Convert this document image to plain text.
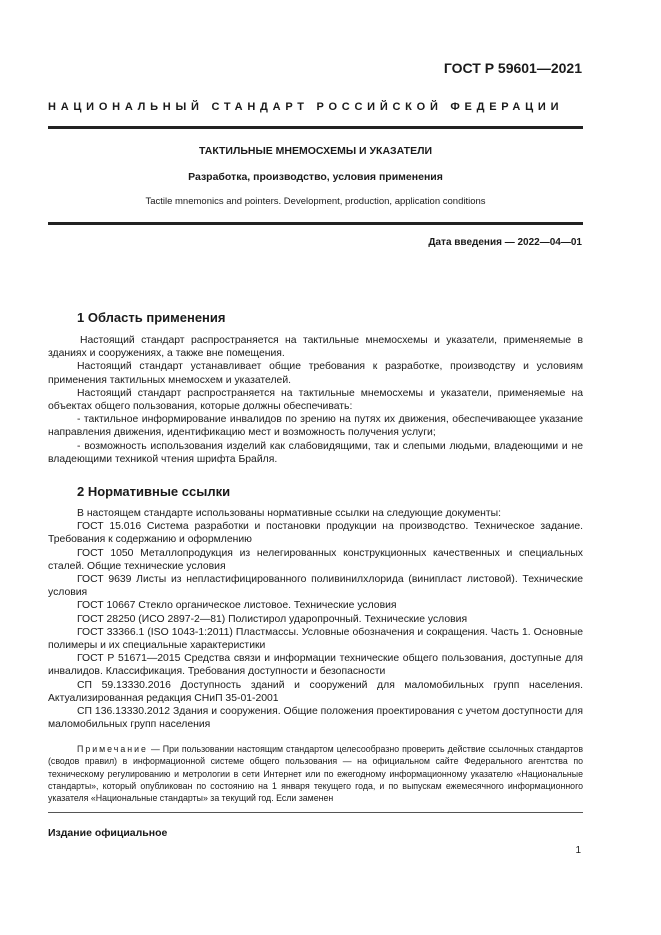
ГОСТ Р 59601—2021
НАЦИОНАЛЬНЫЙ СТАНДАРТ РОССИЙСКОЙ ФЕДЕРАЦИИ
ТАКТИЛЬНЫЕ МНЕМОСХЕМЫ И УКАЗАТЕЛИ
Разработка, производство, условия применения
Tactile mnemonics and pointers. Development, production, application conditions
Дата введения — 2022—04—01
1 Область применения

Настоящий стандарт распространяется на тактильные мнемосхемы и указатели, применяемые в зданиях и сооружениях, а также вне помещения.

Настоящий стандарт устанавливает общие требования к разработке, производству и условиям применения тактильных мнемосхем и указателей.

Настоящий стандарт распространяется на тактильные мнемосхемы и указатели, применяемые на объектах общего пользования, которые должны обеспечивать:

- тактильное информирование инвалидов по зрению на путях их движения, обеспечивающее указание направления движения, идентификацию мест и возможность получения услуги;

- возможность использования изделий как слабовидящими, так и слепыми людьми, владеющими и не владеющими техникой чтения шрифта Брайля.

2 Нормативные ссылки

В настоящем стандарте использованы нормативные ссылки на следующие документы:

ГОСТ 15.016 Система разработки и постановки продукции на производство. Техническое задание. Требования к содержанию и оформлению

ГОСТ 1050 Металлопродукция из нелегированных конструкционных качественных и специальных сталей. Общие технические условия

ГОСТ 9639 Листы из непластифицированного поливинилхлорида (винипласт листовой). Технические условия

ГОСТ 10667 Стекло органическое листовое. Технические условия

ГОСТ 28250 (ИСО 2897-2—81) Полистирол ударопрочный. Технические условия

ГОСТ 33366.1 (ISO 1043-1:2011) Пластмассы. Условные обозначения и сокращения. Часть 1. Основные полимеры и их специальные характеристики

ГОСТ Р 51671—2015 Средства связи и информации технические общего пользования, доступные для инвалидов. Классификация. Требования доступности и безопасности

СП 59.13330.2016 Доступность зданий и сооружений для маломобильных групп населения. Актуализированная редакция СНиП 35-01-2001

СП 136.13330.2012 Здания и сооружения. Общие положения проектирования с учетом доступности для маломобильных групп населения

Примечание — При пользовании настоящим стандартом целесообразно проверить действие ссылочных стандартов (сводов правил) в информационной системе общего пользования — на официальном сайте Федерального агентства по техническому регулированию и метрологии в сети Интернет или по ежегодному информационному указателю «Национальные стандарты», который опубликован по состоянию на 1 января текущего года, и по выпускам ежемесячного информационного указателя «Национальные стандарты» за текущий год. Если заменен

Издание официальное
1
